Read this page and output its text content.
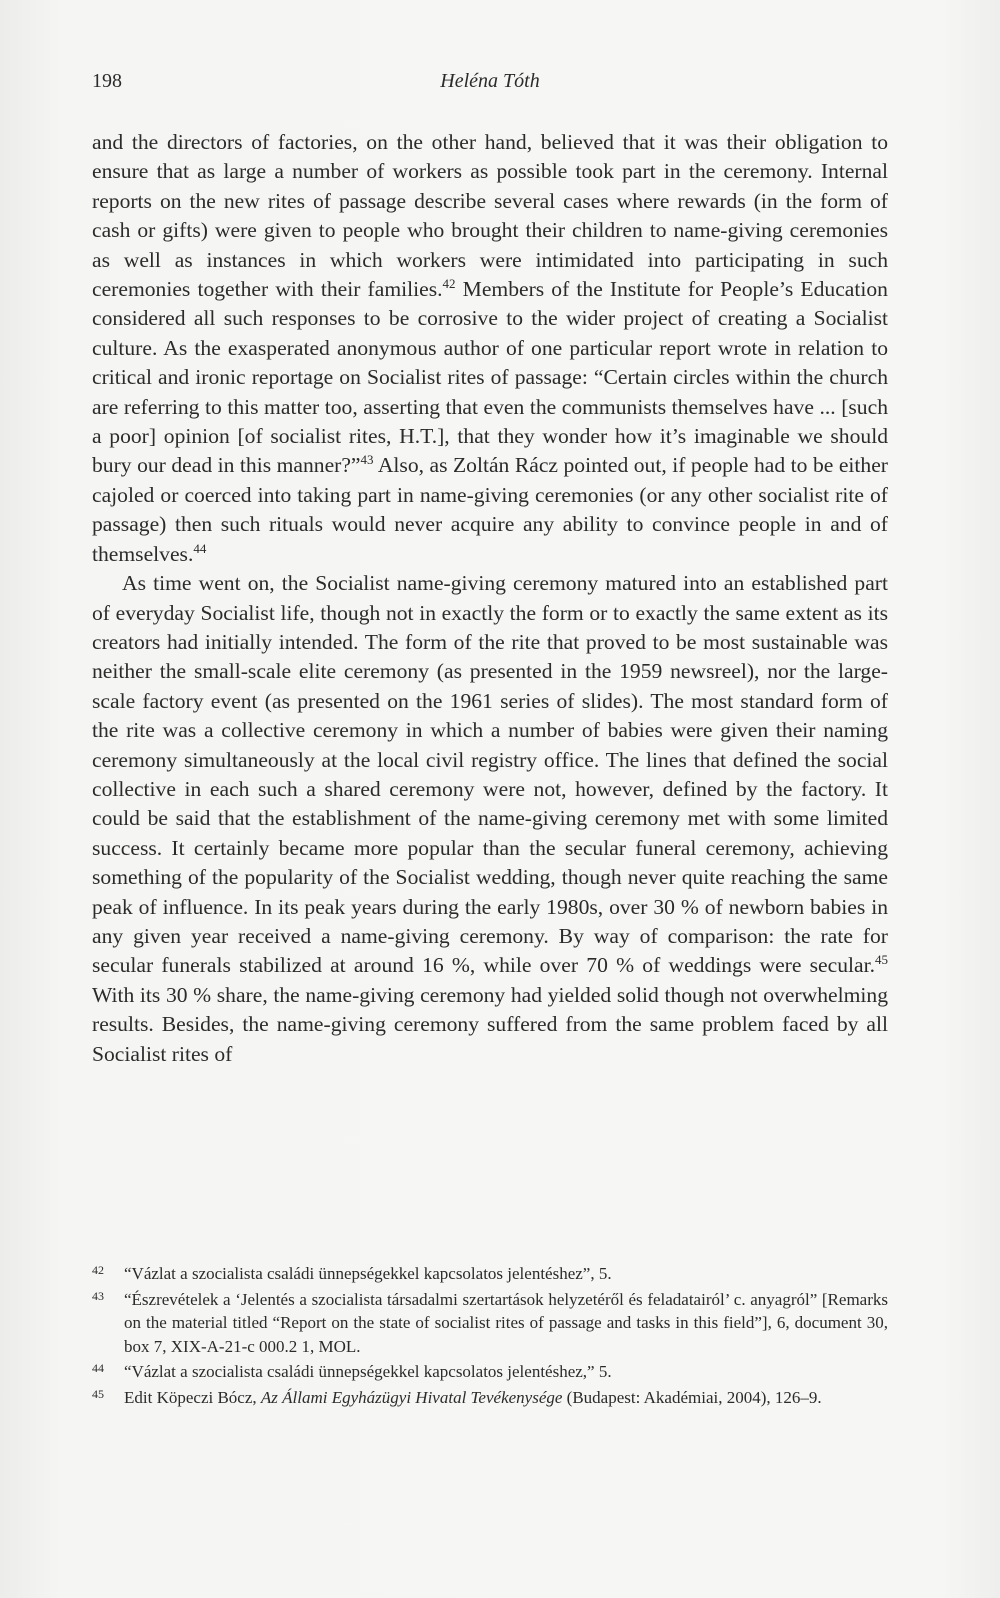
198	Heléna Tóth

and the directors of factories, on the other hand, believed that it was their obligation to ensure that as large a number of workers as possible took part in the ceremony. Internal reports on the new rites of passage describe several cases where rewards (in the form of cash or gifts) were given to people who brought their children to name-giving ceremonies as well as instances in which workers were intimidated into participating in such ceremonies together with their families.$^{42}$ Members of the Institute for People’s Education considered all such responses to be corrosive to the wider project of creating a Socialist culture. As the exasperated anonymous author of one particular report wrote in relation to critical and ironic reportage on Socialist rites of passage: “Certain circles within the church are referring to this matter too, asserting that even the communists themselves have ... [such a poor] opinion [of socialist rites, H.T.], that they wonder how it’s imaginable we should bury our dead in this manner?”$^{43}$ Also, as Zoltán Rácz pointed out, if people had to be either cajoled or coerced into taking part in name-giving ceremonies (or any other socialist rite of passage) then such rituals would never acquire any ability to convince people in and of themselves.$^{44}$

As time went on, the Socialist name-giving ceremony matured into an established part of everyday Socialist life, though not in exactly the form or to exactly the same extent as its creators had initially intended. The form of the rite that proved to be most sustainable was neither the small-scale elite ceremony (as presented in the 1959 newsreel), nor the large-scale factory event (as presented on the 1961 series of slides). The most standard form of the rite was a collective ceremony in which a number of babies were given their naming ceremony simultaneously at the local civil registry office. The lines that defined the social collective in each such a shared ceremony were not, however, defined by the factory. It could be said that the establishment of the name-giving ceremony met with some limited success. It certainly became more popular than the secular funeral ceremony, achieving something of the popularity of the Socialist wedding, though never quite reaching the same peak of influence. In its peak years during the early 1980s, over 30 % of newborn babies in any given year received a name-giving ceremony. By way of comparison: the rate for secular funerals stabilized at around 16 %, while over 70 % of weddings were secular.$^{45}$ With its 30 % share, the name-giving ceremony had yielded solid though not overwhelming results. Besides, the name-giving ceremony suffered from the same problem faced by all Socialist rites of

42 “Vázlat a szocialista családi ünnepségekkel kapcsolatos jelentéshez”, 5.
43 “Észrevételek a ‘Jelentés a szocialista társadalmi szertartások helyzetéről és feladatairól’ c. anyagról” [Remarks on the material titled “Report on the state of socialist rites of passage and tasks in this field”], 6, document 30, box 7, XIX-A-21-c 000.2 1, MOL.
44 “Vázlat a szocialista családi ünnepségekkel kapcsolatos jelentéshez,” 5.
45 Edit Köpeczi Bócz, Az Állami Egyházügyi Hivatal Tevékenysége (Budapest: Akadémiai, 2004), 126–9.
